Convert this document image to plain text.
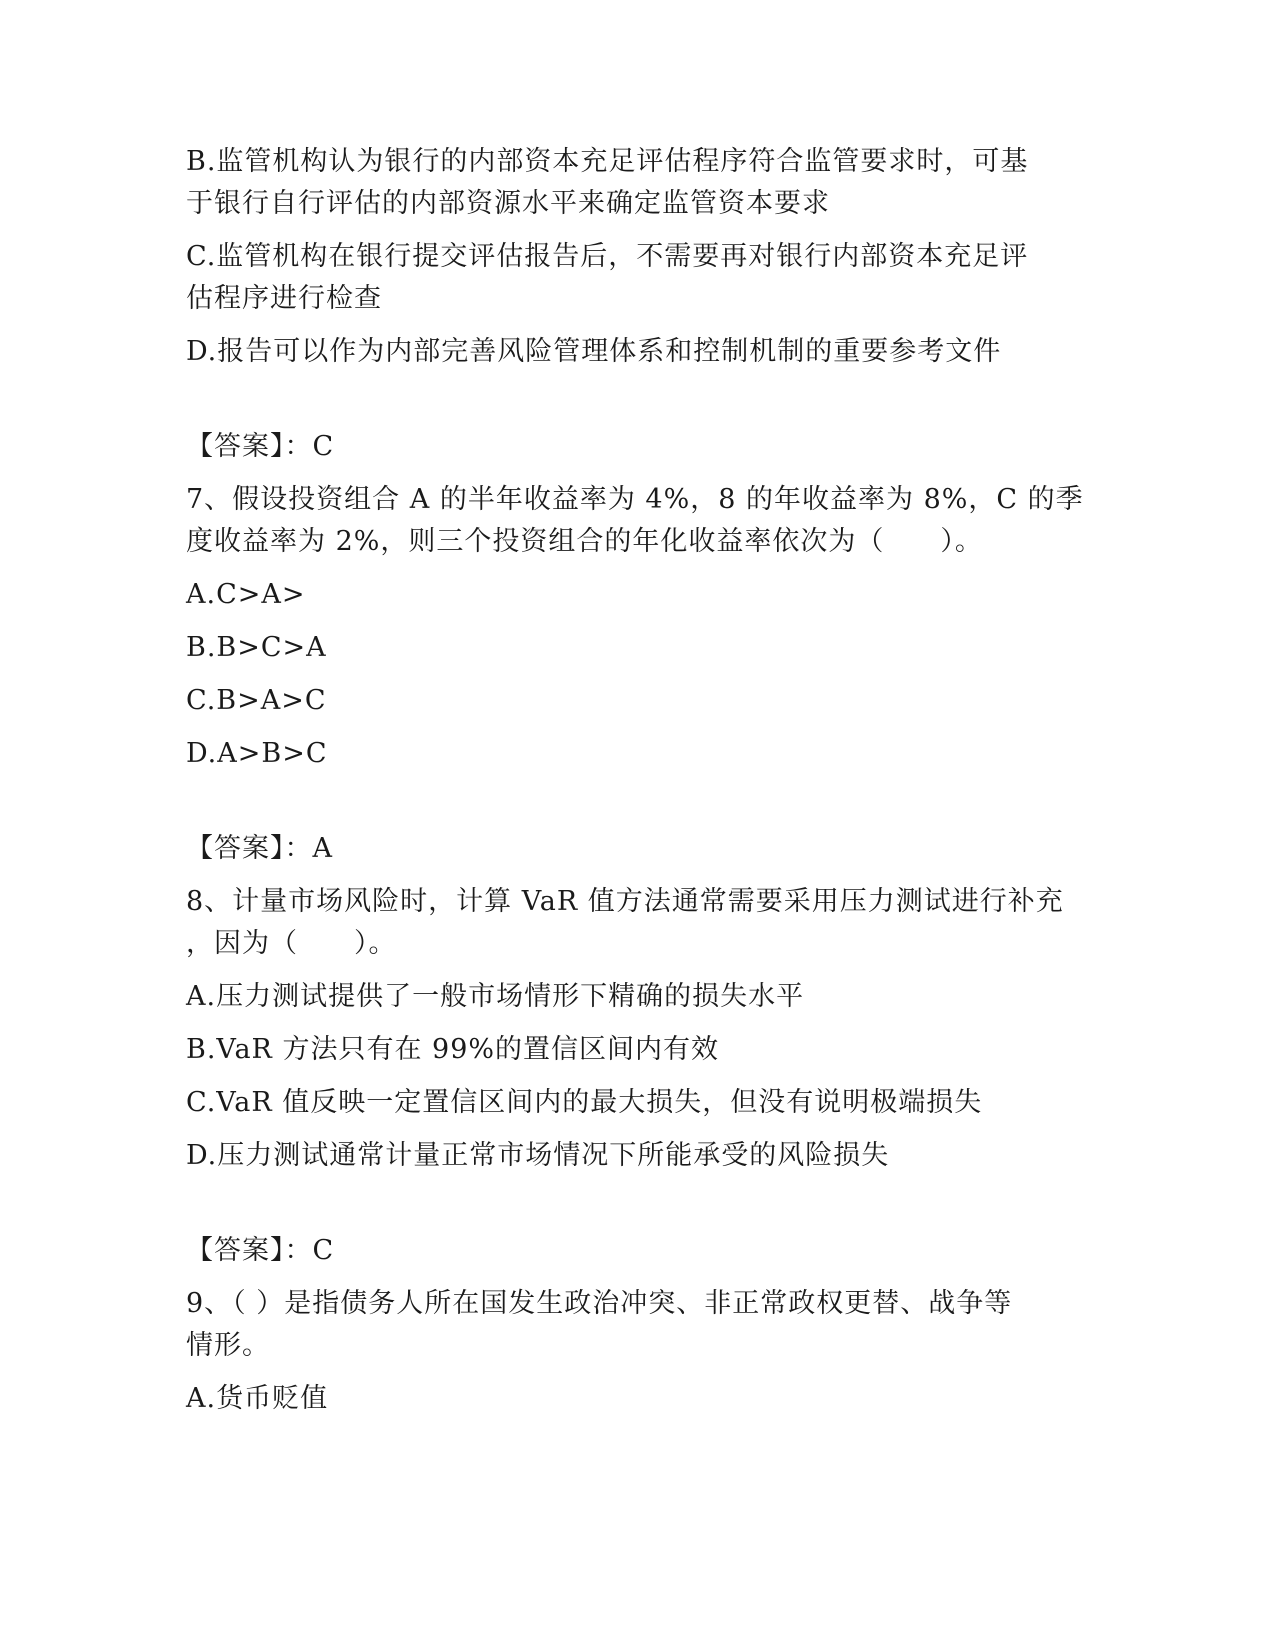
B.监管机构认为银行的内部资本充足评估程序符合监管要求时，可基
于银行自行评估的内部资源水平来确定监管资本要求
C.监管机构在银行提交评估报告后，不需要再对银行内部资本充足评
估程序进行检查
D.报告可以作为内部完善风险管理体系和控制机制的重要参考文件
【答案】：C
7、假设投资组合 A 的半年收益率为 4%，8 的年收益率为 8%，C 的季
度收益率为 2%，则三个投资组合的年化收益率依次为（　　）。
A.C>A>
B.B>C>A
C.B>A>C
D.A>B>C
【答案】：A
8、计量市场风险时，计算 VaR 值方法通常需要采用压力测试进行补充
，因为（　　）。
A.压力测试提供了一般市场情形下精确的损失水平
B.VaR 方法只有在 99%的置信区间内有效
C.VaR 值反映一定置信区间内的最大损失，但没有说明极端损失
D.压力测试通常计量正常市场情况下所能承受的风险损失
【答案】：C
9、（ ）是指债务人所在国发生政治冲突、非正常政权更替、战争等
情形。
A.货币贬值
